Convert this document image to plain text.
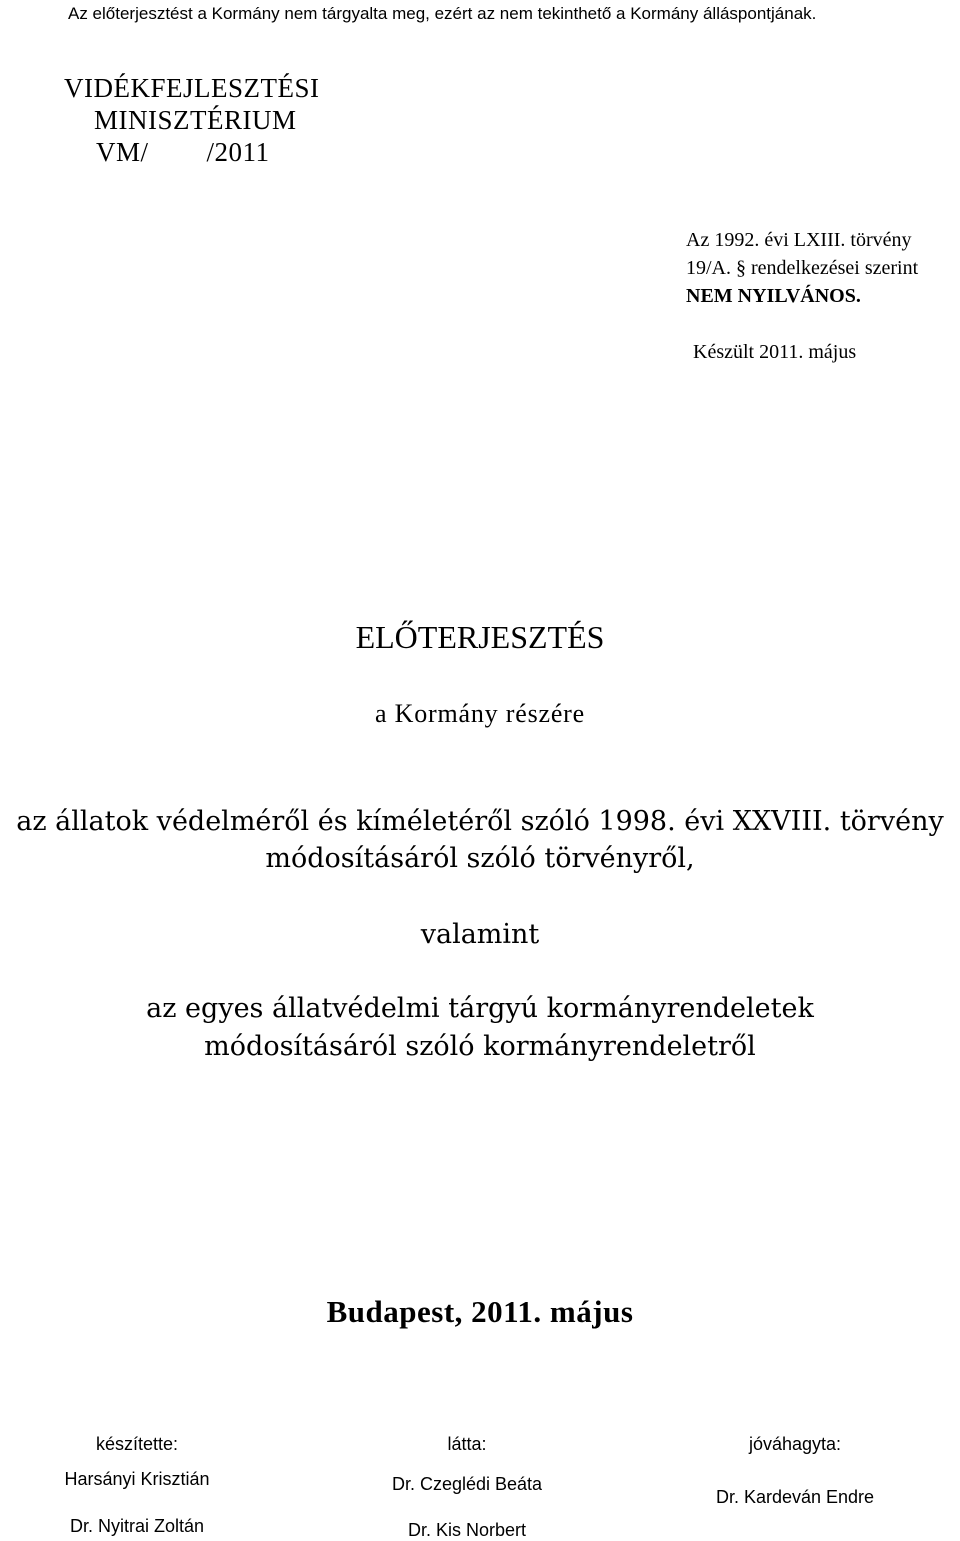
Az előterjesztést a Kormány nem tárgyalta meg, ezért az nem tekinthető a Kormány álláspontjának.
VIDÉKFEJLESZTÉSI
MINISZTÉRIUM
VM/        /2011
Az 1992. évi LXIII. törvény
19/A. § rendelkezései szerint
NEM NYILVÁNOS.
Készült 2011. május
ELŐTERJESZTÉS
a Kormány részére
az állatok védelméről és kíméletéről szóló 1998. évi XXVIII. törvény
módosításáról szóló törvényről,
valamint
az egyes állatvédelmi tárgyú kormányrendeletek
módosításáról szóló kormányrendeletről
Budapest, 2011. május
készítette:
Harsányi Krisztián
Dr. Nyitrai Zoltán
látta:
Dr. Czeglédi Beáta
Dr. Kis Norbert
jóváhagyta:
Dr. Kardeván Endre
